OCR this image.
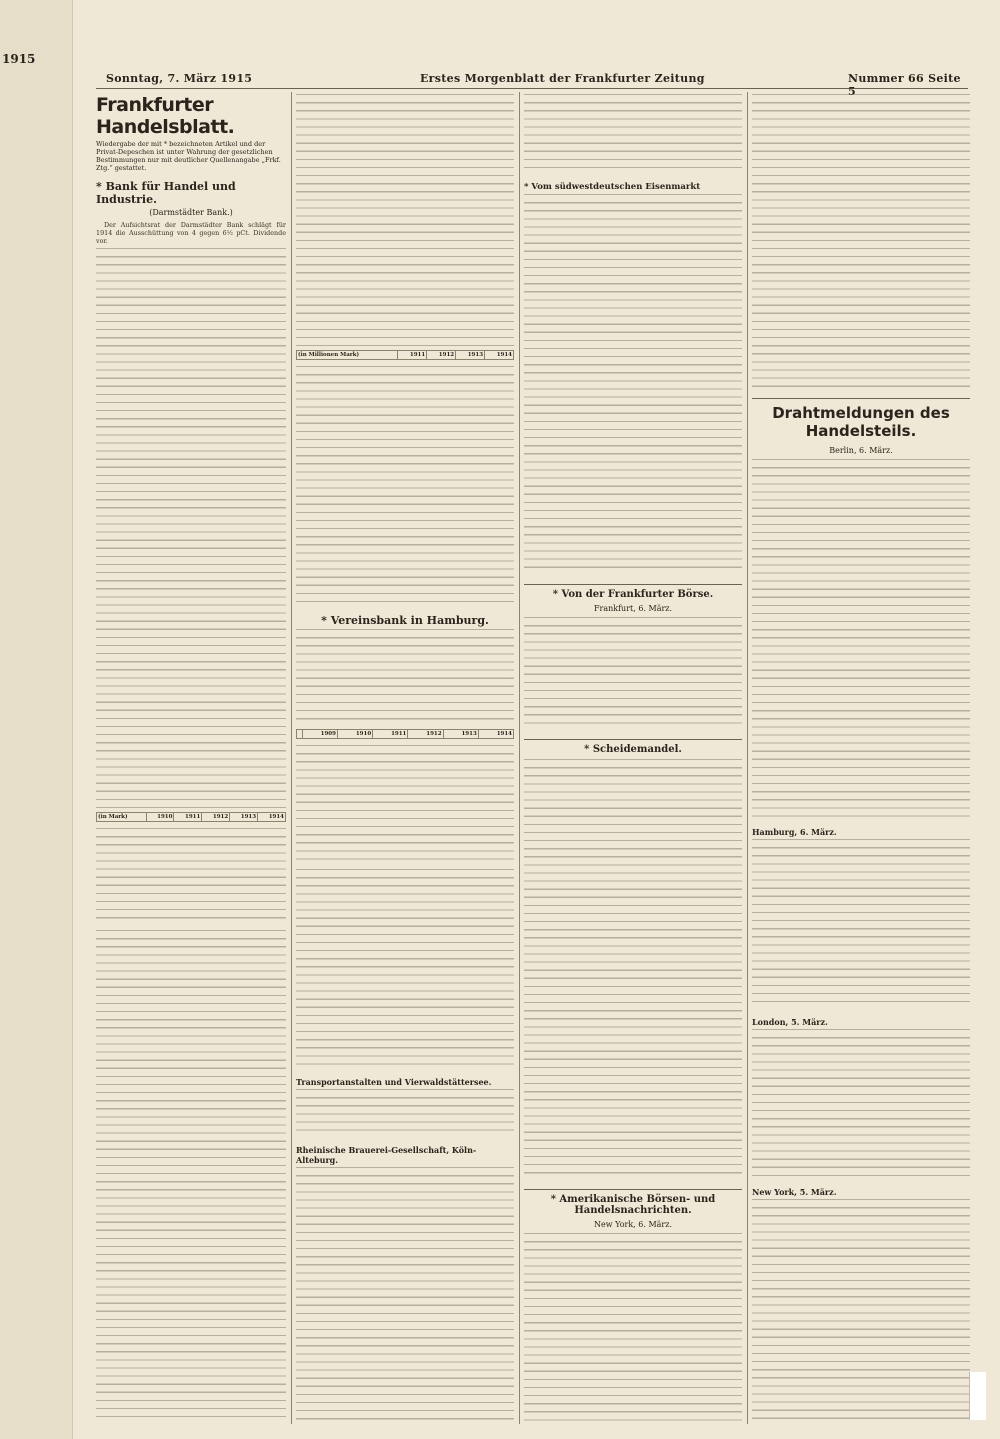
1915
Sonntag, 7. März 1915	Erstes Morgenblatt der Frankfurter Zeitung	Nummer 66 Seite 5
Frankfurter Handelsblatt.
Wiedergabe der mit * bezeichneten Artikel und der Privat-Depeschen ist unter Wahrung der gesetzlichen Bestimmungen nur mit deutlicher Quellenangabe „Frkf. Ztg.“ gestattet.
* Bank für Handel und Industrie.
(Darmstädter Bank.)

Der Aufsichtsrat der Darmstädter Bank schlägt für 1914 die Ausschüttung von 4 gegen 6½ pCt. Dividende vor.

(in Mark)	1910	1911	1912	1913	1914
(in Millionen Mark)	1911	1912	1913	1914
* Vereinsbank in Hamburg.
	1909	1910	1911	1912	1913	1914
Transportanstalten und Vierwaldstättersee.
Rheinische Brauerei-Gesellschaft, Köln-Alteburg.
* Vom südwestdeutschen Eisenmarkt
* Von der Frankfurter Börse.
Frankfurt, 6. März.
* Scheidemandel.
* Amerikanische Börsen- und Handelsnachrichten.
New York, 6. März.
Drahtmeldungen des Handelsteils.
Berlin, 6. März.
Hamburg, 6. März.
London, 5. März.
New York, 5. März.
